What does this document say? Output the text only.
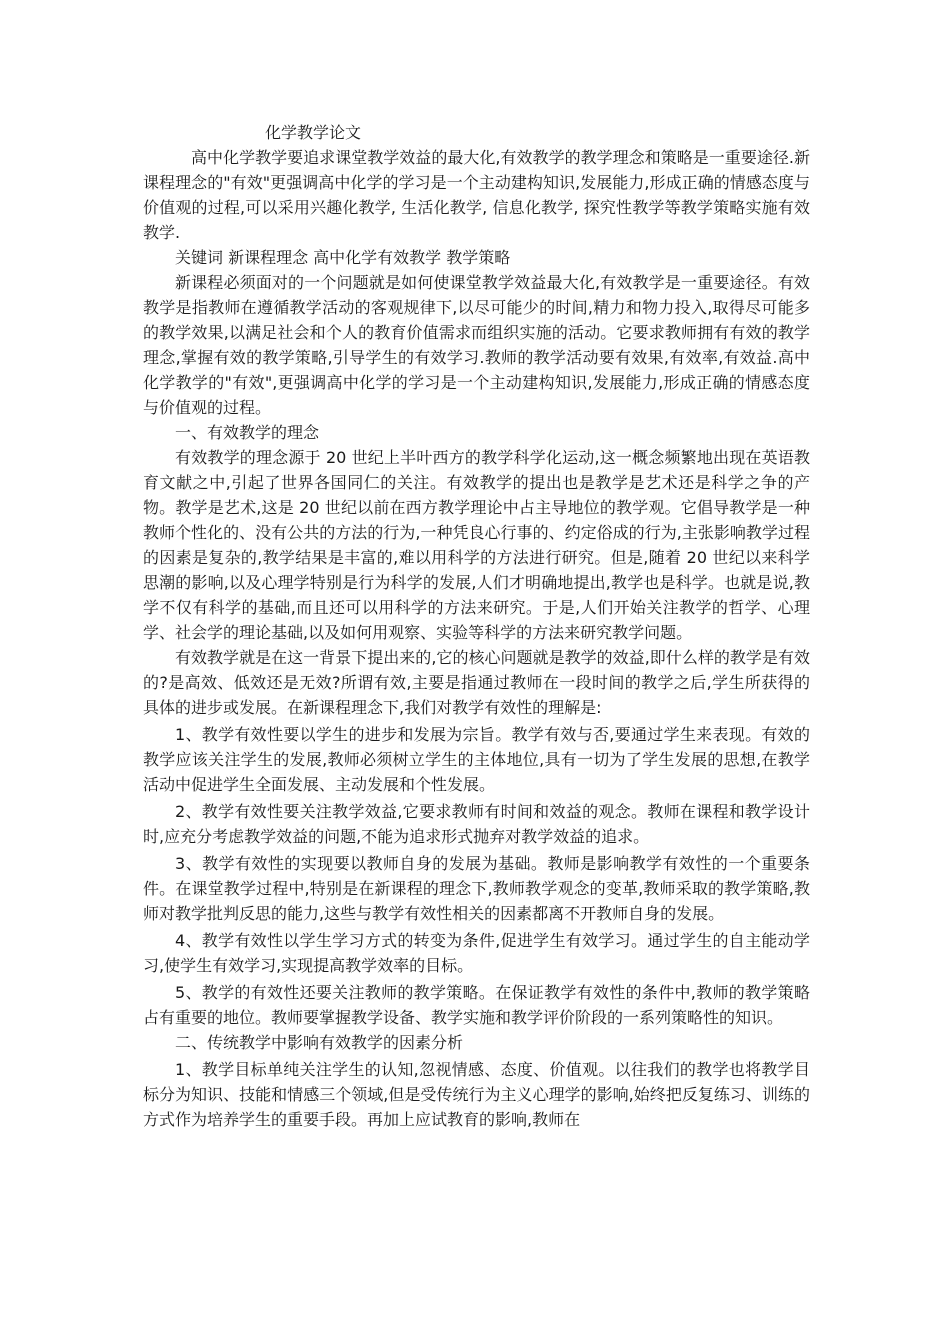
化学教学论文

高中化学教学要追求课堂教学效益的最大化,有效教学的教学理念和策略是一重要途径.新课程理念的"有效"更强调高中化学的学习是一个主动建构知识,发展能力,形成正确的情感态度与价值观的过程,可以采用兴趣化教学, 生活化教学, 信息化教学, 探究性教学等教学策略实施有效教学.

关键词 新课程理念 高中化学有效教学 教学策略

新课程必须面对的一个问题就是如何使课堂教学效益最大化,有效教学是一重要途径。有效教学是指教师在遵循教学活动的客观规律下,以尽可能少的时间,精力和物力投入,取得尽可能多的教学效果,以满足社会和个人的教育价值需求而组织实施的活动。它要求教师拥有有效的教学理念,掌握有效的教学策略,引导学生的有效学习.教师的教学活动要有效果,有效率,有效益.高中化学教学的"有效",更强调高中化学的学习是一个主动建构知识,发展能力,形成正确的情感态度与价值观的过程。

一、有效教学的理念

有效教学的理念源于 20 世纪上半叶西方的教学科学化运动,这一概念频繁地出现在英语教育文献之中,引起了世界各国同仁的关注。有效教学的提出也是教学是艺术还是科学之争的产物。教学是艺术,这是 20 世纪以前在西方教学理论中占主导地位的教学观。它倡导教学是一种教师个性化的、没有公共的方法的行为,一种凭良心行事的、约定俗成的行为,主张影响教学过程的因素是复杂的,教学结果是丰富的,难以用科学的方法进行研究。但是,随着 20 世纪以来科学思潮的影响,以及心理学特别是行为科学的发展,人们才明确地提出,教学也是科学。也就是说,教学不仅有科学的基础,而且还可以用科学的方法来研究。于是,人们开始关注教学的哲学、心理学、社会学的理论基础,以及如何用观察、实验等科学的方法来研究教学问题。

有效教学就是在这一背景下提出来的,它的核心问题就是教学的效益,即什么样的教学是有效的?是高效、低效还是无效?所谓有效,主要是指通过教师在一段时间的教学之后,学生所获得的具体的进步或发展。在新课程理念下,我们对教学有效性的理解是:

1、教学有效性要以学生的进步和发展为宗旨。教学有效与否,要通过学生来表现。有效的教学应该关注学生的发展,教师必须树立学生的主体地位,具有一切为了学生发展的思想,在教学活动中促进学生全面发展、主动发展和个性发展。

2、教学有效性要关注教学效益,它要求教师有时间和效益的观念。教师在课程和教学设计时,应充分考虑教学效益的问题,不能为追求形式抛弃对教学效益的追求。

3、教学有效性的实现要以教师自身的发展为基础。教师是影响教学有效性的一个重要条件。在课堂教学过程中,特别是在新课程的理念下,教师教学观念的变革,教师采取的教学策略,教师对教学批判反思的能力,这些与教学有效性相关的因素都离不开教师自身的发展。

4、教学有效性以学生学习方式的转变为条件,促进学生有效学习。通过学生的自主能动学习,使学生有效学习,实现提高教学效率的目标。

5、教学的有效性还要关注教师的教学策略。在保证教学有效性的条件中,教师的教学策略占有重要的地位。教师要掌握教学设备、教学实施和教学评价阶段的一系列策略性的知识。

二、传统教学中影响有效教学的因素分析

1、教学目标单纯关注学生的认知,忽视情感、态度、价值观。以往我们的教学也将教学目标分为知识、技能和情感三个领域,但是受传统行为主义心理学的影响,始终把反复练习、训练的方式作为培养学生的重要手段。再加上应试教育的影响,教师在
